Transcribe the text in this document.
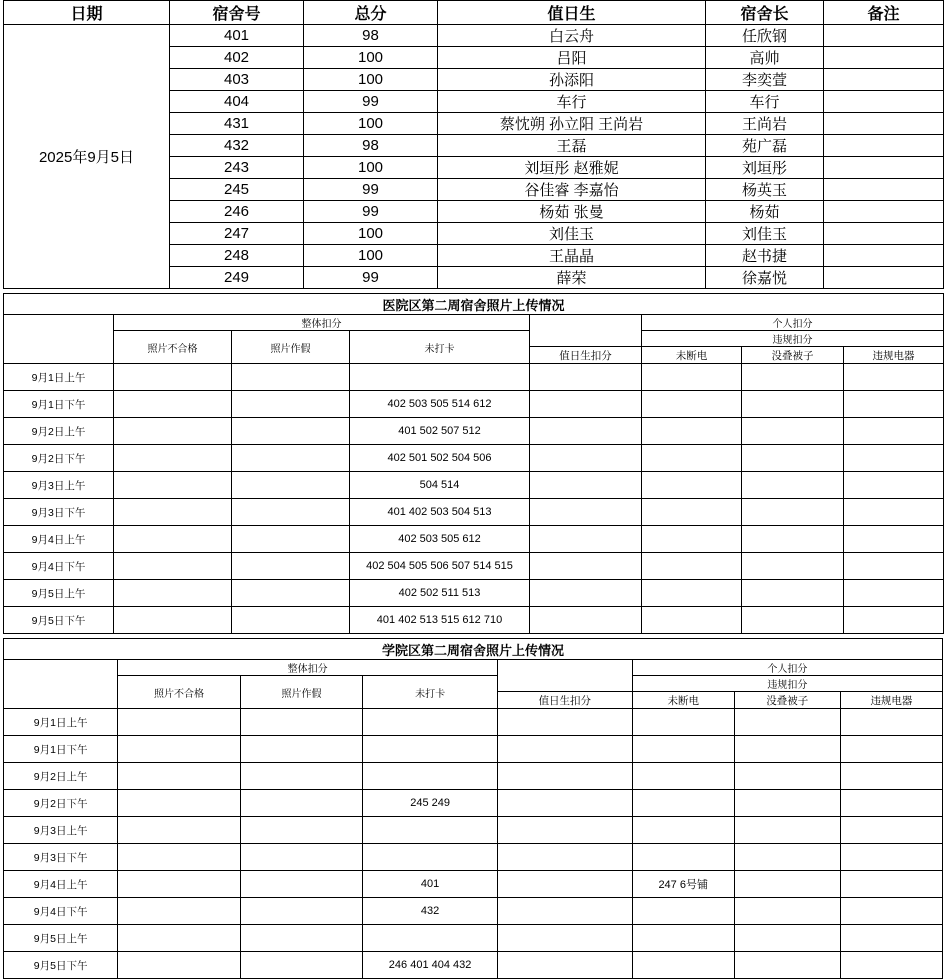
日期	宿舍号	总分	值日生	宿舍长	备注
2025年9月5日	401	98	白云舟	任欣钢	
	402	100	吕阳	高帅	
	403	100	孙添阳	李奕萱	
	404	99	车行	车行	
	431	100	蔡忱朔 孙立阳 王尚岩	王尚岩	
	432	98	王磊	苑广磊	
	243	100	刘垣彤 赵雅妮	刘垣彤	
	245	99	谷佳睿 李嘉怡	杨英玉	
	246	99	杨茹 张曼	杨茹	
	247	100	刘佳玉	刘佳玉	
	248	100	王晶晶	赵书捷	
	249	99	薛荣	徐嘉悦	
医院区第二周宿舍照片上传情况							
	整体扣分				个人扣分		
	照片不合格	照片作假	未打卡		违规扣分		
				值日生扣分	未断电	没叠被子	违规电器
9月1日上午							
9月1日下午			402 503 505 514 612				
9月2日上午			401 502 507 512				
9月2日下午			402 501 502 504 506				
9月3日上午			504 514				
9月3日下午			401 402 503 504 513				
9月4日上午			402 503 505 612				
9月4日下午			402 504 505 506 507 514 515				
9月5日上午			402 502 511 513				
9月5日下午			401 402 513 515 612 710				
学院区第二周宿舍照片上传情况							
	整体扣分				个人扣分		
	照片不合格	照片作假	未打卡		违规扣分		
				值日生扣分	未断电	没叠被子	违规电器
9月1日上午							
9月1日下午							
9月2日上午							
9月2日下午			245 249				
9月3日上午							
9月3日下午							
9月4日上午			401		247 6号铺		
9月4日下午			432				
9月5日上午							
9月5日下午			246 401 404 432				
